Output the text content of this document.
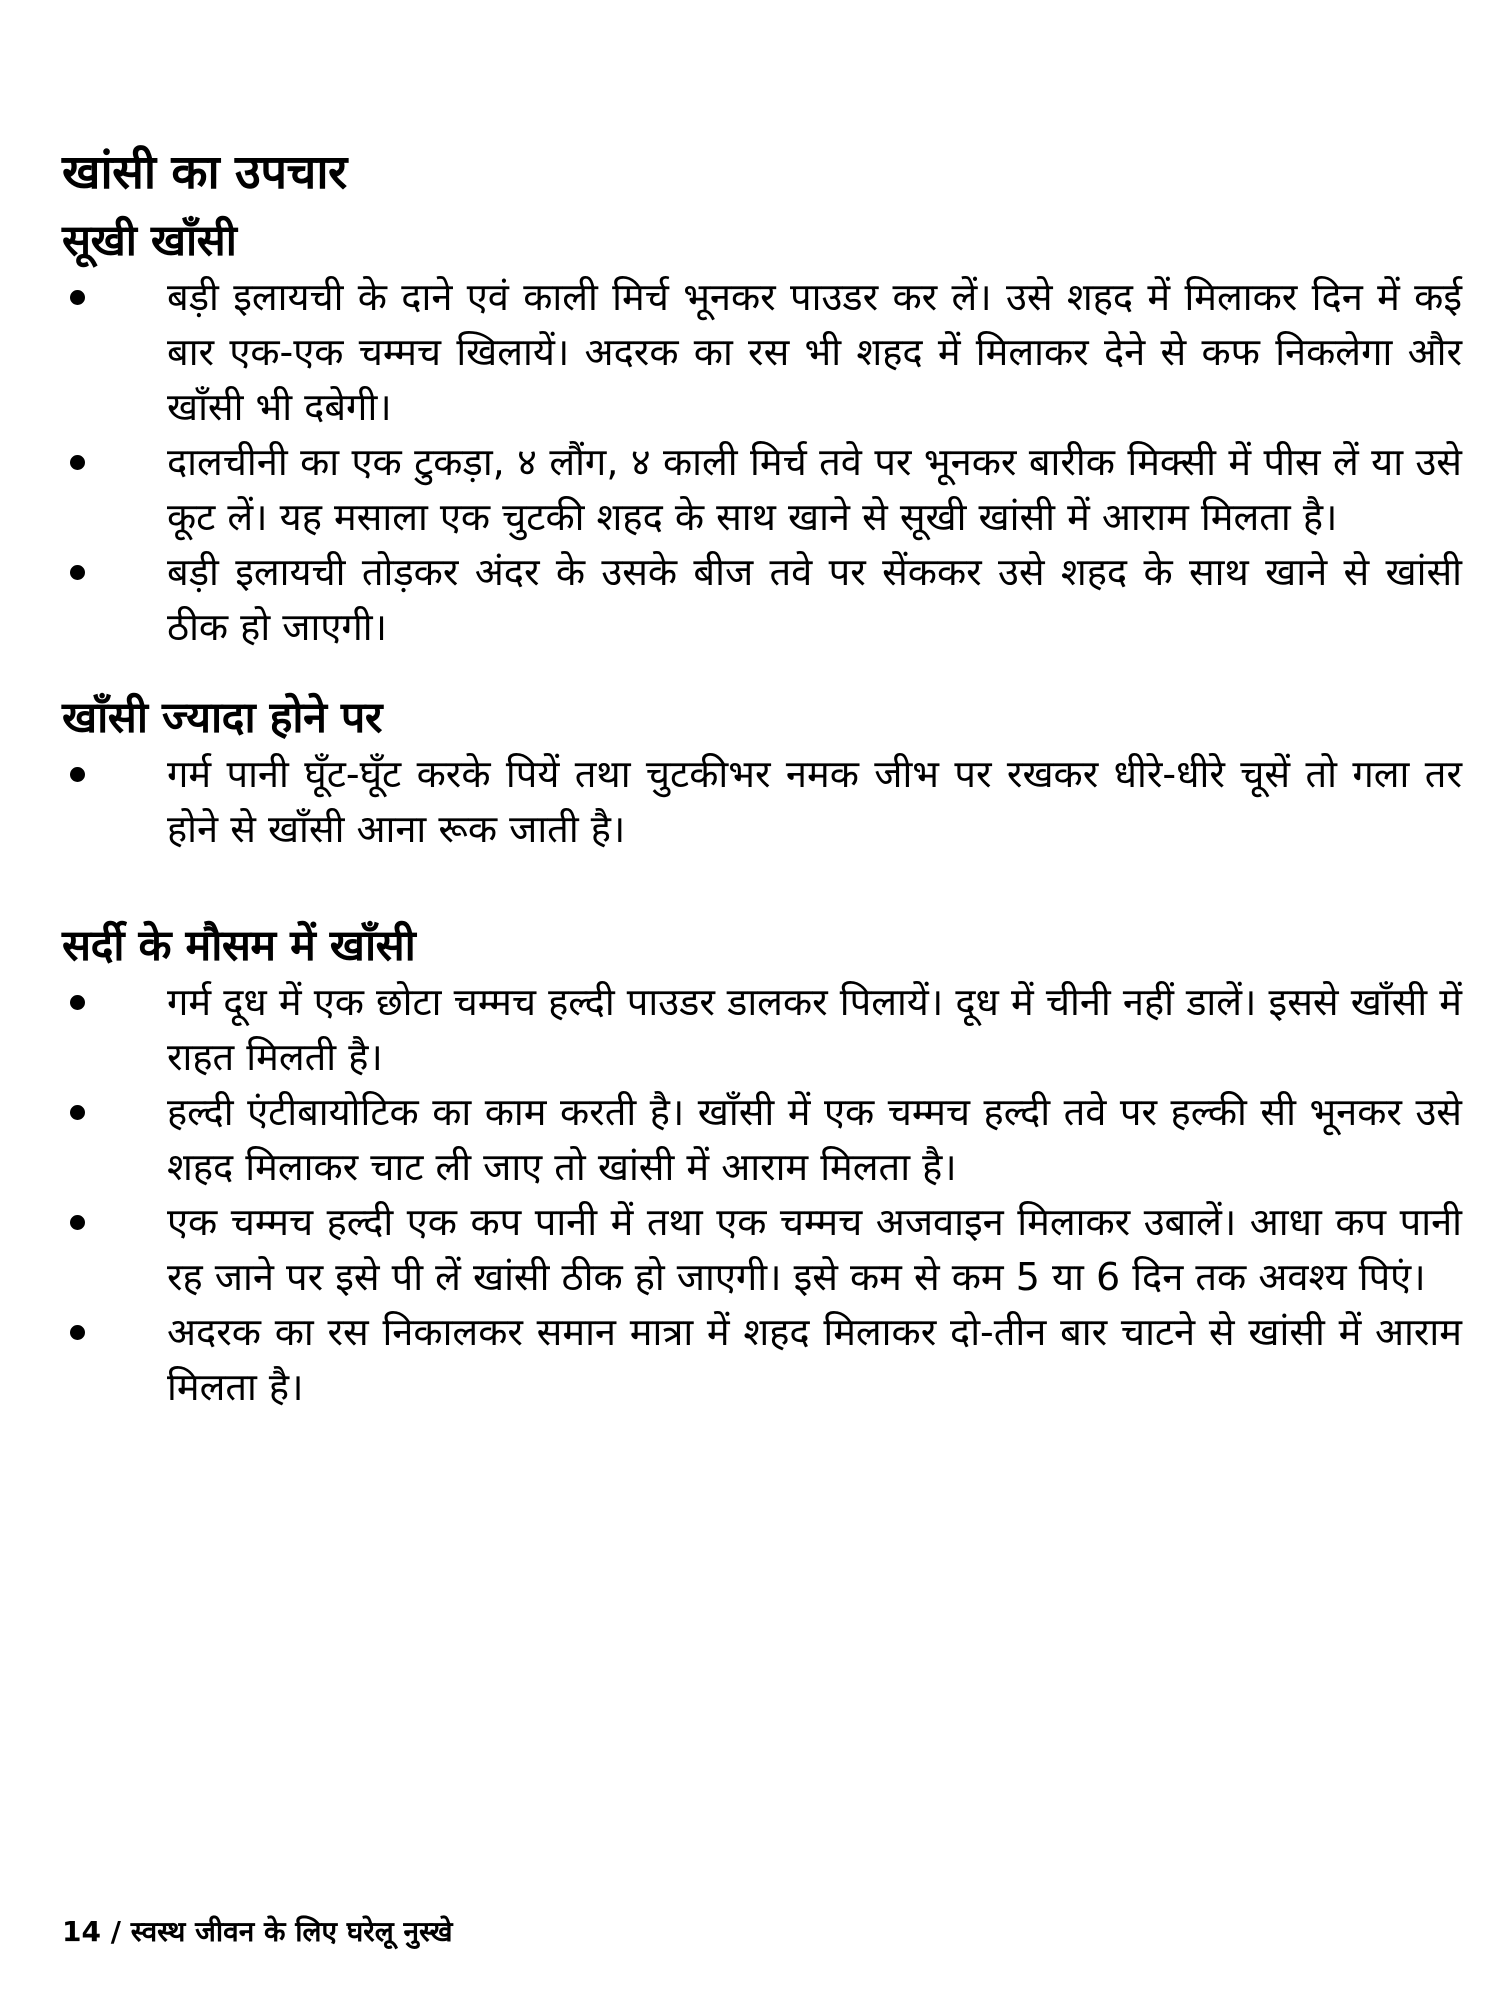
खांसी का उपचार
सूखी खाँसी
बड़ी इलायची के दाने एवं काली मिर्च भूनकर पाउडर कर लें। उसे शहद में मिलाकर दिन में कई बार एक-एक चम्मच खिलायें। अदरक का रस भी शहद में मिलाकर देने से कफ निकलेगा और खाँसी भी दबेगी।
दालचीनी का एक टुकड़ा, ४ लौंग, ४ काली मिर्च तवे पर भूनकर बारीक मिक्सी में पीस लें या उसे कूट लें। यह मसाला एक चुटकी शहद के साथ खाने से सूखी खांसी में आराम मिलता है।
बड़ी इलायची तोड़कर अंदर के उसके बीज तवे पर सेंककर उसे शहद के साथ खाने से खांसी ठीक हो जाएगी।
खाँसी ज्यादा होने पर
गर्म पानी घूँट-घूँट करके पियें तथा चुटकीभर नमक जीभ पर रखकर धीरे-धीरे चूसें तो गला तर होने से खाँसी आना रूक जाती है।
सर्दी के मौसम में खाँसी
गर्म दूध में एक छोटा चम्मच हल्दी पाउडर डालकर पिलायें। दूध में चीनी नहीं डालें। इससे खाँसी में राहत मिलती है।
हल्दी एंटीबायोटिक का काम करती है। खाँसी में एक चम्मच हल्दी तवे पर हल्की सी भूनकर उसे शहद मिलाकर चाट ली जाए तो खांसी में आराम मिलता है।
एक चम्मच हल्दी एक कप पानी में तथा एक चम्मच अजवाइन मिलाकर उबालें। आधा कप पानी रह जाने पर इसे पी लें खांसी ठीक हो जाएगी। इसे कम से कम 5 या 6 दिन तक अवश्य पिएं।
अदरक का रस निकालकर समान मात्रा में शहद मिलाकर दो-तीन बार चाटने से खांसी में आराम मिलता है।
14 / स्वस्थ जीवन के लिए घरेलू नुस्खे
